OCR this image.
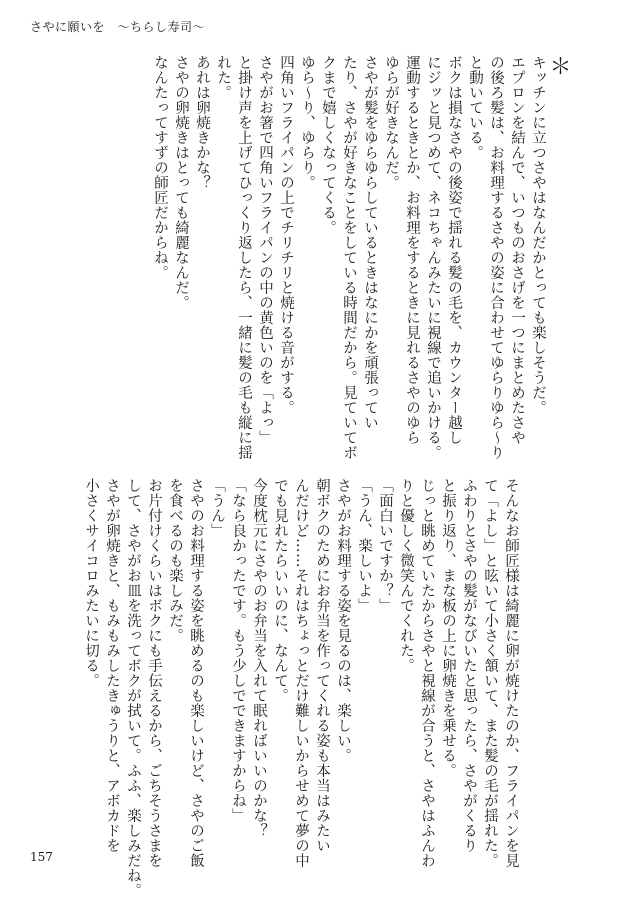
さやに願いを　〜ちらし寿司〜
＊
キッチンに立つさやはなんだかとっても楽しそうだ。
エプロンを結んで、いつものおさげを一つにまとめたさや
の後ろ髪は、お料理するさやの姿に合わせてゆらりゆら〜り
と動いている。
ボクは損なさやの後姿で揺れる髪の毛を、カウンター越し
にジッと見つめて、ネコちゃんみたいに視線で追いかける。
運動するときとか、お料理をするときに見れるさやのゆら
ゆらが好きなんだ。
さやが髪をゆらゆらしているときはなにかを頑張ってい
たり、さやが好きなことをしている時間だから。見ていてボ
クまで嬉しくなってくる。
ゆら〜り、ゆらり。
四角いフライパンの上でチリチリと焼ける音がする。
さやがお箸で四角いフライパンの中の黄色いのを「よっ」
と掛け声を上げてひっくり返したら、一緒に髪の毛も縦に揺
れた。
あれは卵焼きかな？
さやの卵焼きはとっても綺麗なんだ。
なんたってすずの師匠だからね。
そんなお師匠様は綺麗に卵が焼けたのか、フライパンを見
て「よし」と呟いて小さく頷いて、また髪の毛が揺れた。
ふわりとさやの髪がなびいたと思ったら、さやがくるり
と振り返り、まな板の上に卵焼きを乗せる。
じっと眺めていたからさやと視線が合うと、さやはふんわ
りと優しく微笑んでくれた。
「面白いですか？」
「うん、楽しいよ」
さやがお料理する姿を見るのは、楽しい。
朝ボクのためにお弁当を作ってくれる姿も本当はみたい
んだけど……それはちょっとだけ難しいからせめて夢の中
でも見れたらいいのに、なんて。
今度枕元にさやのお弁当を入れて眠ればいいのかな？
「なら良かったです。もう少しでできますからね」
「うん」
さやのお料理する姿を眺めるのも楽しいけど、さやのご飯
を食べるのも楽しみだ。
お片付けくらいはボクにも手伝えるから、ごちそうさまを
して、さやがお皿を洗ってボクが拭いて。ふふ、楽しみだね。
さやが卵焼きと、もみもみしたきゅうりと、アボカドを
小さくサイコロみたいに切る。
157
